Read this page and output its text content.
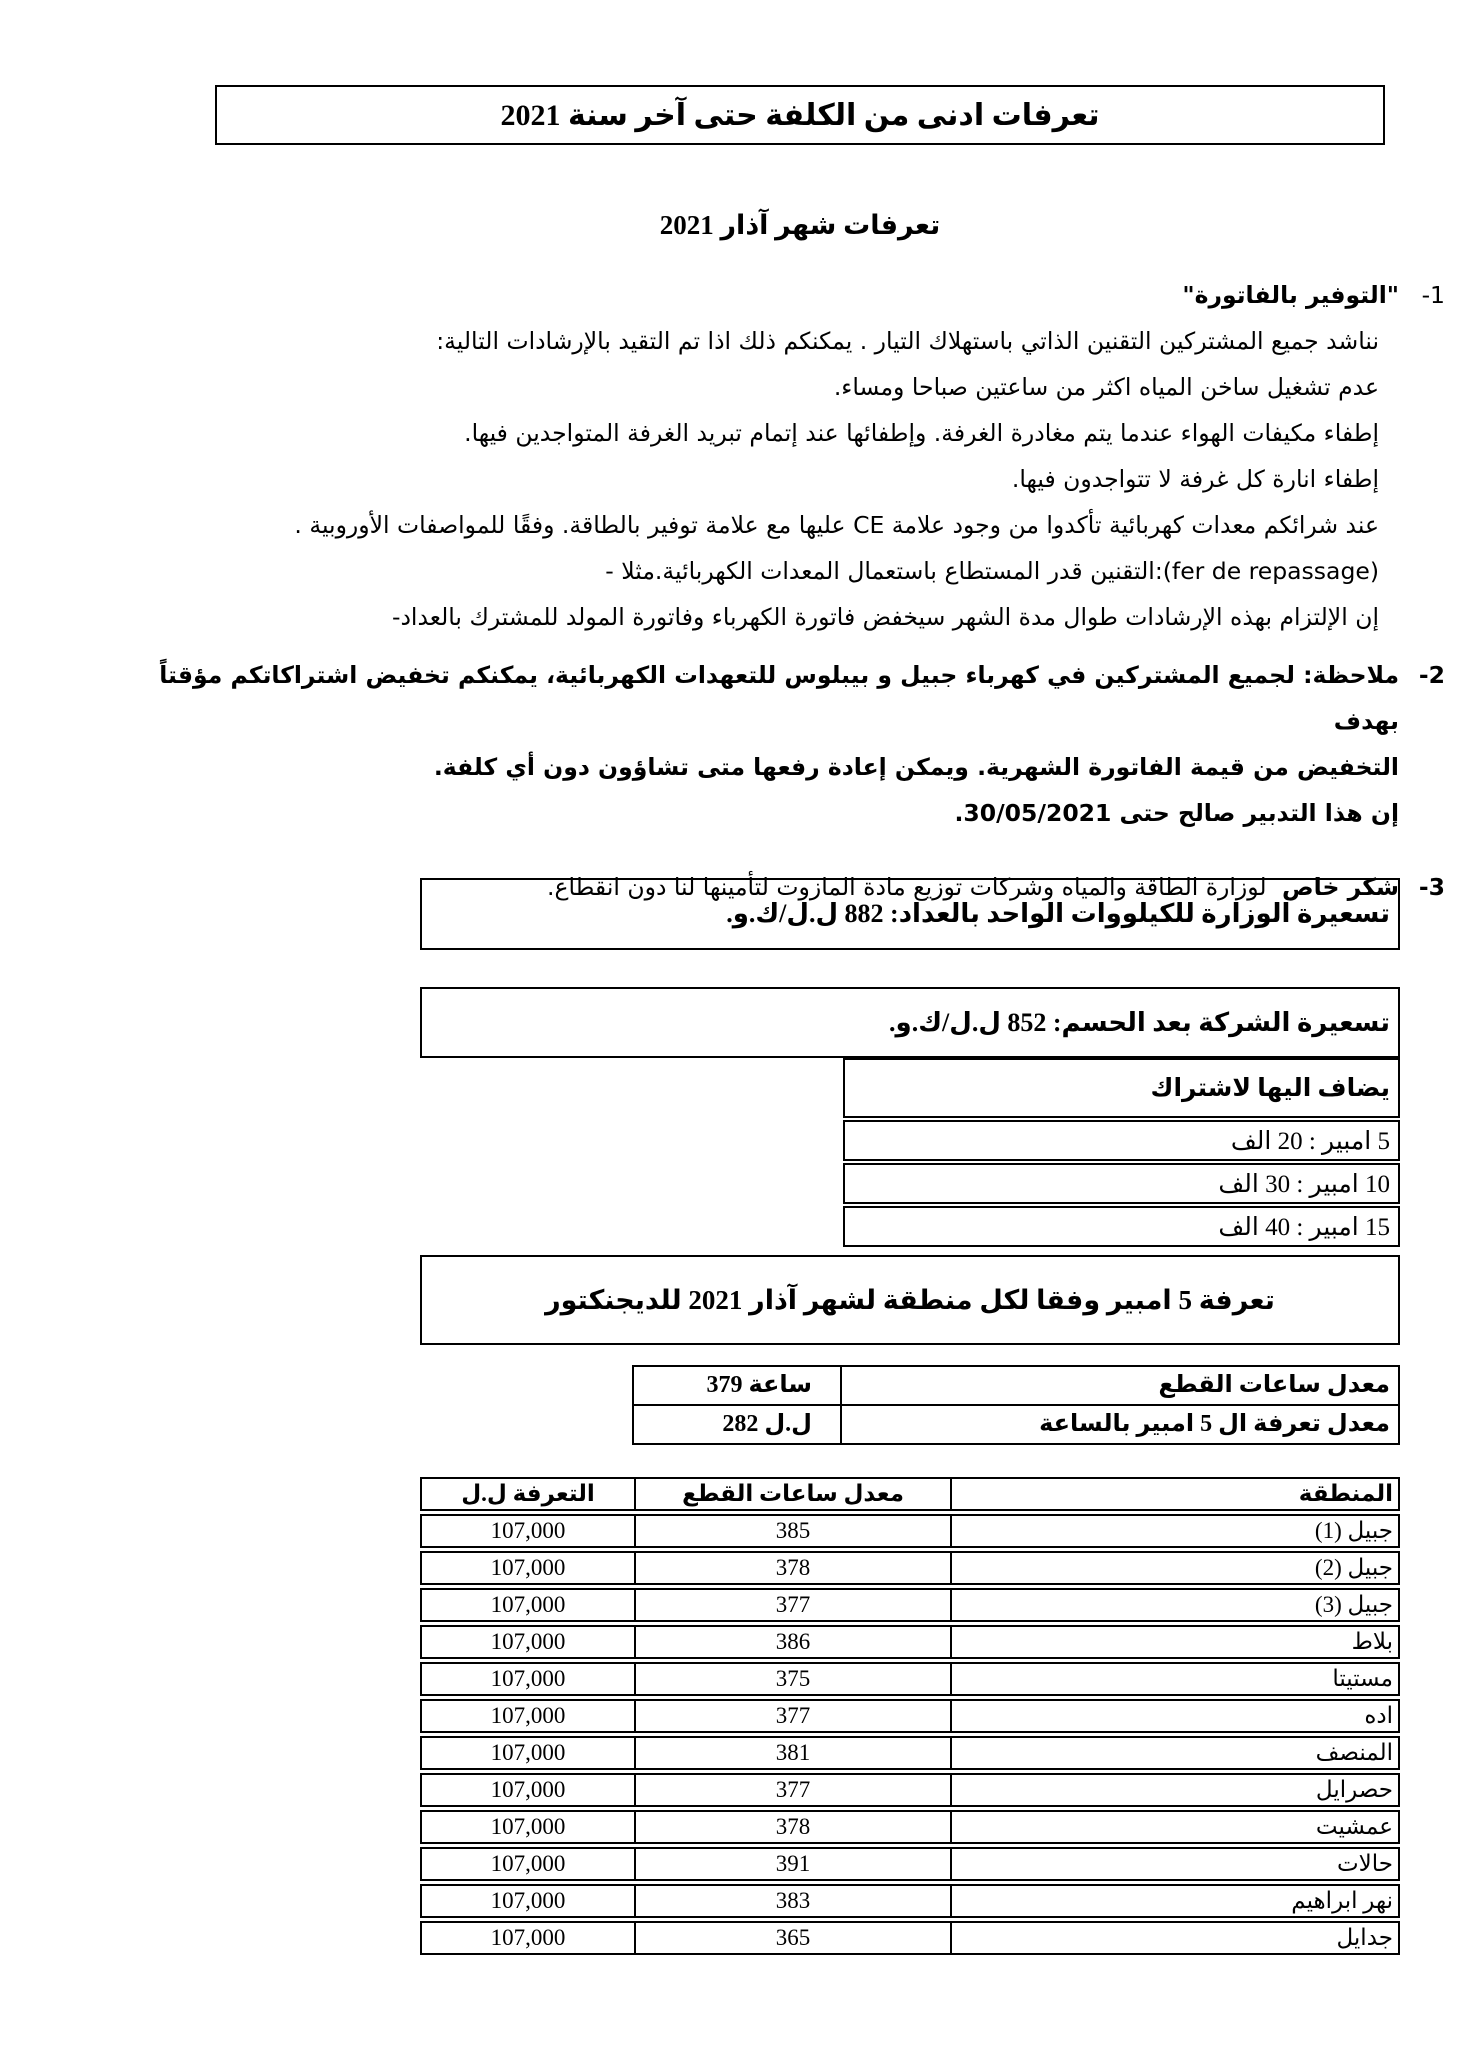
تعرفات ادنى من الكلفة حتى آخر سنة 2021
تعرفات شهر آذار 2021
1-
"التوفير بالفاتورة"
نناشد جميع المشتركين التقنين الذاتي باستهلاك التيار . يمكنكم ذلك اذا تم التقيد بالإرشادات التالية:
عدم تشغيل ساخن المياه اكثر من ساعتين صباحا ومساء.
إطفاء مكيفات الهواء عندما يتم مغادرة الغرفة. وإطفائها عند إتمام تبريد الغرفة المتواجدين فيها.
إطفاء انارة كل غرفة لا تتواجدون فيها.
عند شرائكم معدات كهربائية تأكدوا من وجود علامة CE عليها مع علامة توفير بالطاقة. وفقًا للمواصفات الأوروبية .
(fer de repassage):التقنين قدر المستطاع باستعمال المعدات الكهربائية.مثلا -
إن الإلتزام بهذه الإرشادات طوال مدة الشهر سيخفض فاتورة الكهرباء وفاتورة المولد للمشترك بالعداد-
2-
ملاحظة: لجميع المشتركين في كهرباء جبيل و بيبلوس للتعهدات الكهربائية، يمكنكم تخفيض اشتراكاتكم مؤقتاً بهدف
التخفيض من قيمة الفاتورة الشهرية. ويمكن إعادة رفعها متى تشاؤون دون أي كلفة.
إن هذا التدبير صالح حتى 30/05/2021.
3-
شكر خاص لوزارة الطاقة والمياه وشركات توزيع مادة المازوت لتأمينها لنا دون انقطاع.
تسعيرة الوزارة للكيلووات الواحد بالعداد: 882 ل.ل/ك.و.
تسعيرة الشركة بعد الحسم: 852 ل.ل/ك.و.
يضاف اليها لاشتراك
5 امبير : 20 الف
10 امبير : 30 الف
15 امبير : 40 الف
تعرفة 5 امبير وفقا لكل منطقة لشهر آذار 2021 للديجنكتور
معدل ساعات القطع
ساعة 379
معدل تعرفة ال 5 امبير بالساعة
ل.ل 282
المنطقة
معدل ساعات القطع
التعرفة ل.ل
جبيل (1)
385
107,000
جبيل (2)
378
107,000
جبيل (3)
377
107,000
بلاط
386
107,000
مستيتا
375
107,000
اده
377
107,000
المنصف
381
107,000
حصرايل
377
107,000
عمشيت
378
107,000
حالات
391
107,000
نهر ابراهيم
383
107,000
جدايل
365
107,000
